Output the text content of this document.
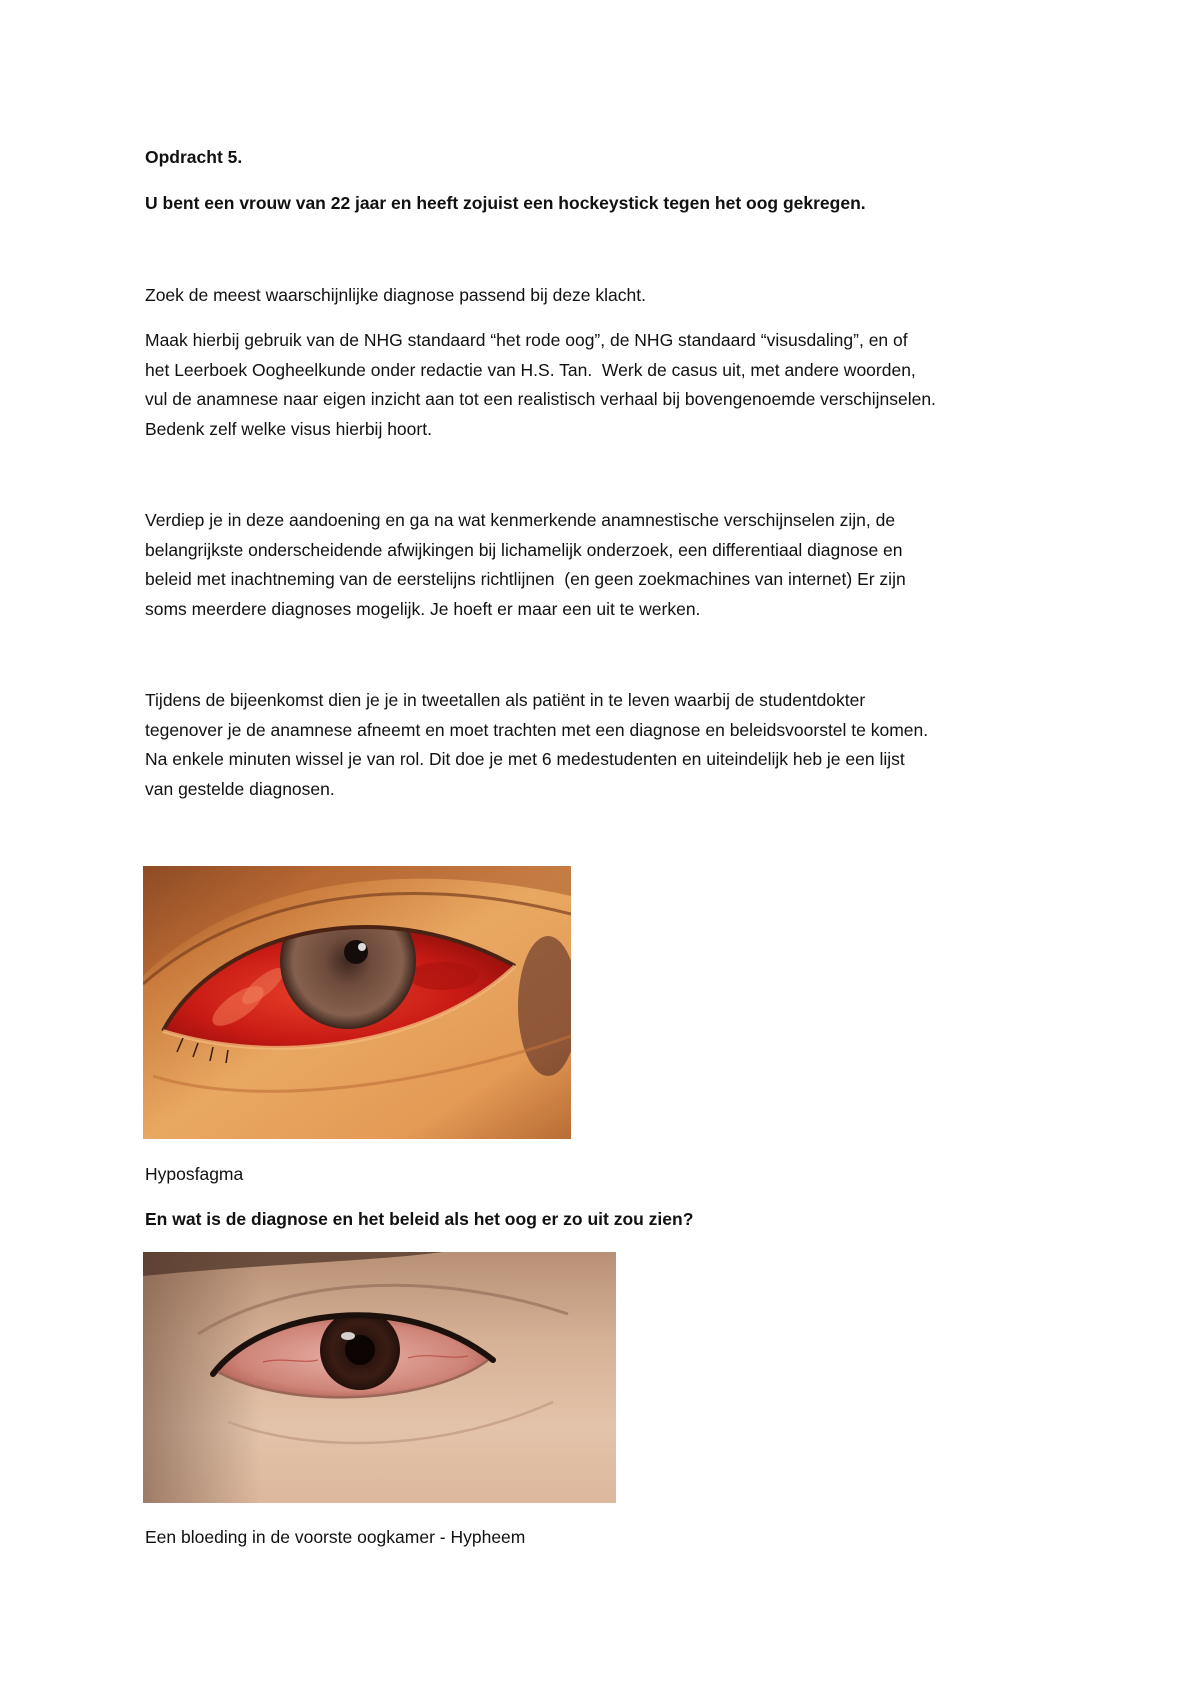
Opdracht 5.
U bent een vrouw van 22 jaar en heeft zojuist een hockeystick tegen het oog gekregen.
Zoek de meest waarschijnlijke diagnose passend bij deze klacht.
Maak hierbij gebruik van de NHG standaard “het rode oog”, de NHG standaard “visusdaling”, en of
het Leerboek Oogheelkunde onder redactie van H.S. Tan.  Werk de casus uit, met andere woorden,
vul de anamnese naar eigen inzicht aan tot een realistisch verhaal bij bovengenoemde verschijnselen.
Bedenk zelf welke visus hierbij hoort.
Verdiep je in deze aandoening en ga na wat kenmerkende anamnestische verschijnselen zijn, de
belangrijkste onderscheidende afwijkingen bij lichamelijk onderzoek, een differentiaal diagnose en
beleid met inachtneming van de eerstelijns richtlijnen  (en geen zoekmachines van internet) Er zijn
soms meerdere diagnoses mogelijk. Je hoeft er maar een uit te werken.
Tijdens de bijeenkomst dien je je in tweetallen als patiënt in te leven waarbij de studentdokter
tegenover je de anamnese afneemt en moet trachten met een diagnose en beleidsvoorstel te komen.
Na enkele minuten wissel je van rol. Dit doe je met 6 medestudenten en uiteindelijk heb je een lijst
van gestelde diagnosen.
Hyposfagma
En wat is de diagnose en het beleid als het oog er zo uit zou zien?
Een bloeding in de voorste oogkamer - Hypheem
